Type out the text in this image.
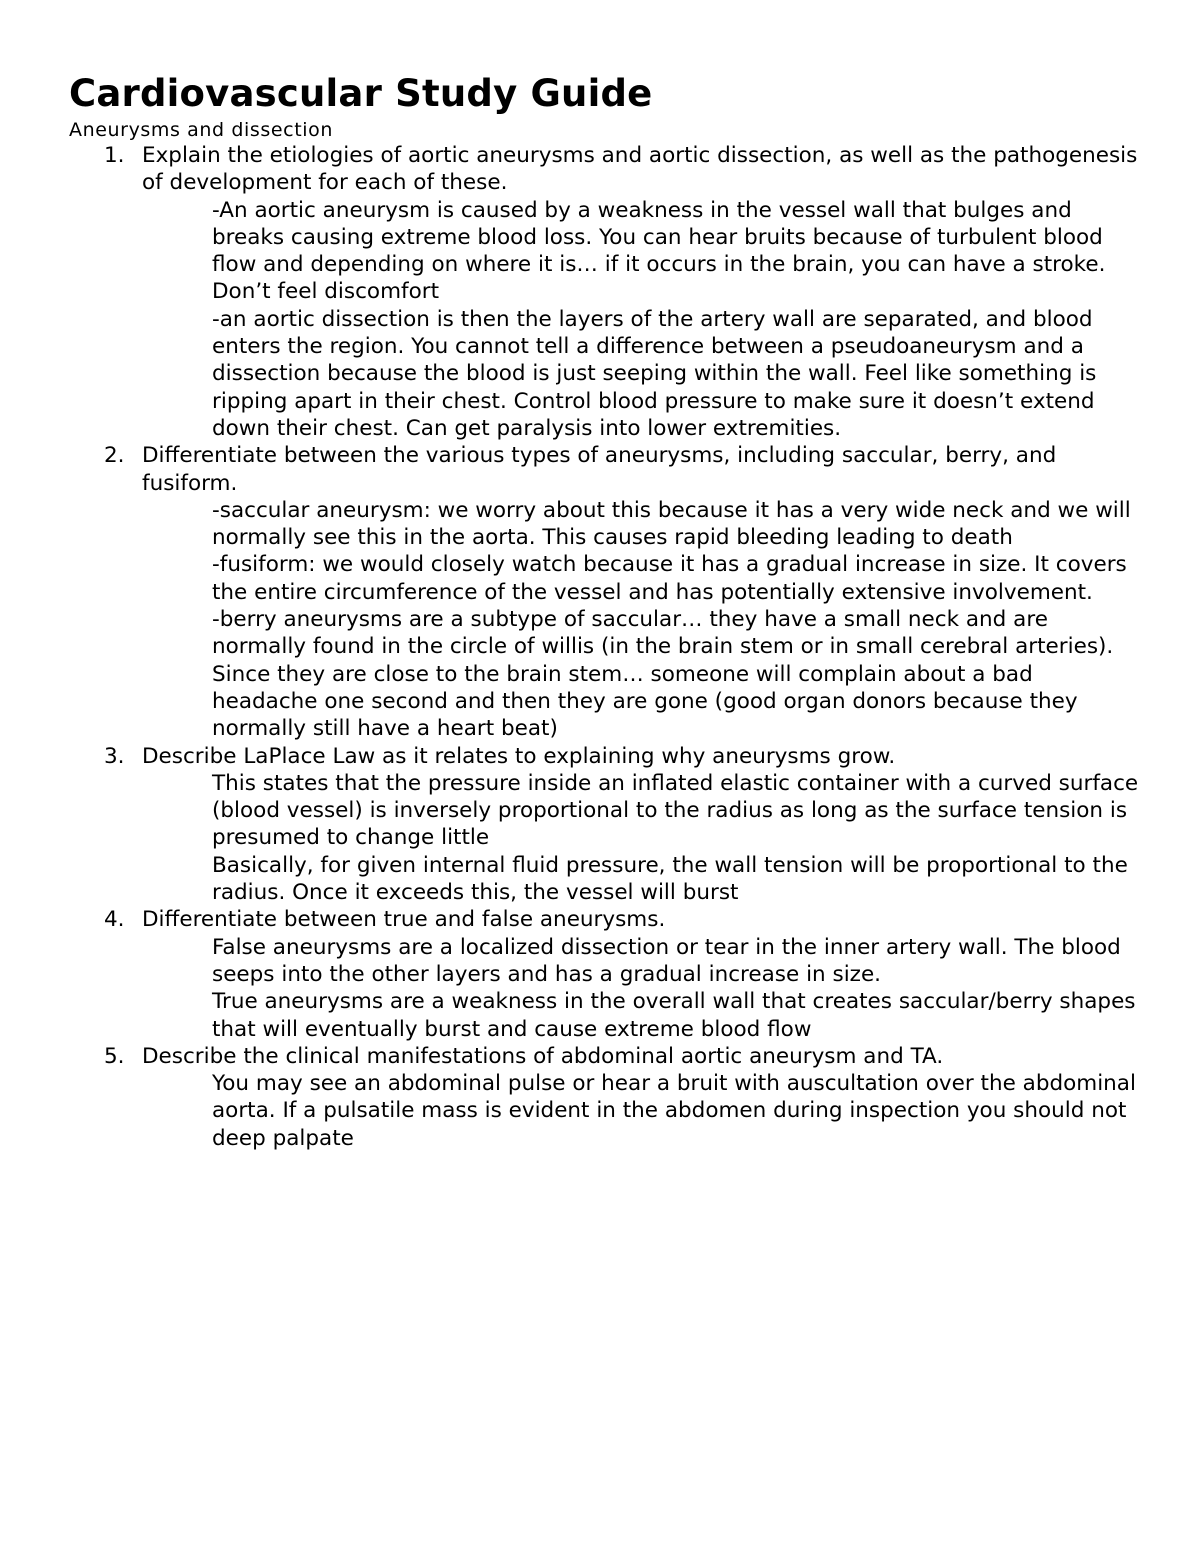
Cardiovascular Study Guide
Aneurysms and dissection
1. Explain the etiologies of aortic aneurysms and aortic dissection, as well as the pathogenesis of development for each of these.

-An aortic aneurysm is caused by a weakness in the vessel wall that bulges and breaks causing extreme blood loss. You can hear bruits because of turbulent blood flow and depending on where it is… if it occurs in the brain, you can have a stroke. Don’t feel discomfort

-an aortic dissection is then the layers of the artery wall are separated, and blood enters the region. You cannot tell a difference between a pseudoaneurysm and a dissection because the blood is just seeping within the wall. Feel like something is ripping apart in their chest. Control blood pressure to make sure it doesn’t extend down their chest. Can get paralysis into lower extremities.

2. Differentiate between the various types of aneurysms, including saccular, berry, and fusiform.

-saccular aneurysm: we worry about this because it has a very wide neck and we will normally see this in the aorta. This causes rapid bleeding leading to death

-fusiform: we would closely watch because it has a gradual increase in size. It covers the entire circumference of the vessel and has potentially extensive involvement.

-berry aneurysms are a subtype of saccular… they have a small neck and are normally found in the circle of willis (in the brain stem or in small cerebral arteries). Since they are close to the brain stem… someone will complain about a bad headache one second and then they are gone (good organ donors because they normally still have a heart beat)

3. Describe LaPlace Law as it relates to explaining why aneurysms grow.

This states that the pressure inside an inflated elastic container with a curved surface (blood vessel) is inversely proportional to the radius as long as the surface tension is presumed to change little

Basically, for given internal fluid pressure, the wall tension will be proportional to the radius. Once it exceeds this, the vessel will burst

4. Differentiate between true and false aneurysms.

False aneurysms are a localized dissection or tear in the inner artery wall. The blood seeps into the other layers and has a gradual increase in size.

True aneurysms are a weakness in the overall wall that creates saccular/berry shapes that will eventually burst and cause extreme blood flow

5. Describe the clinical manifestations of abdominal aortic aneurysm and TA.

You may see an abdominal pulse or hear a bruit with auscultation over the abdominal aorta. If a pulsatile mass is evident in the abdomen during inspection you should not deep palpate
